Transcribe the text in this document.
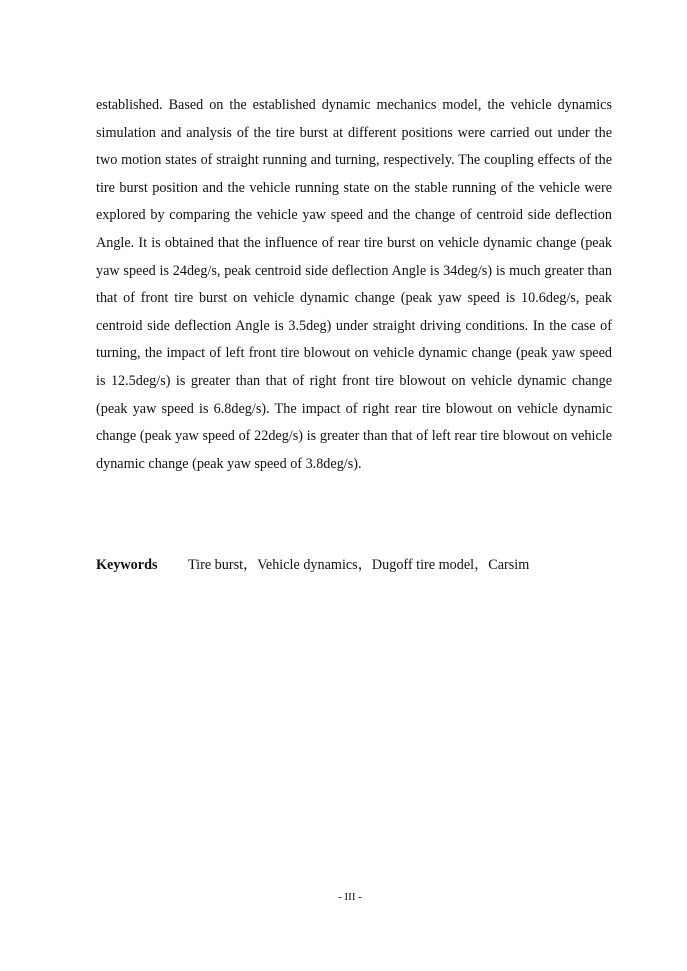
established. Based on the established dynamic mechanics model, the vehicle dynamics simulation and analysis of the tire burst at different positions were carried out under the two motion states of straight running and turning, respectively. The coupling effects of the tire burst position and the vehicle running state on the stable running of the vehicle were explored by comparing the vehicle yaw speed and the change of centroid side deflection Angle. It is obtained that the influence of rear tire burst on vehicle dynamic change (peak yaw speed is 24deg/s, peak centroid side deflection Angle is 34deg/s) is much greater than that of front tire burst on vehicle dynamic change (peak yaw speed is 10.6deg/s, peak centroid side deflection Angle is 3.5deg) under straight driving conditions. In the case of turning, the impact of left front tire blowout on vehicle dynamic change (peak yaw speed is 12.5deg/s) is greater than that of right front tire blowout on vehicle dynamic change (peak yaw speed is 6.8deg/s). The impact of right rear tire blowout on vehicle dynamic change (peak yaw speed of 22deg/s) is greater than that of left rear tire blowout on vehicle dynamic change (peak yaw speed of 3.8deg/s).

Keywords Tire burst，Vehicle dynamics，Dugoff tire model，Carsim

- III -
